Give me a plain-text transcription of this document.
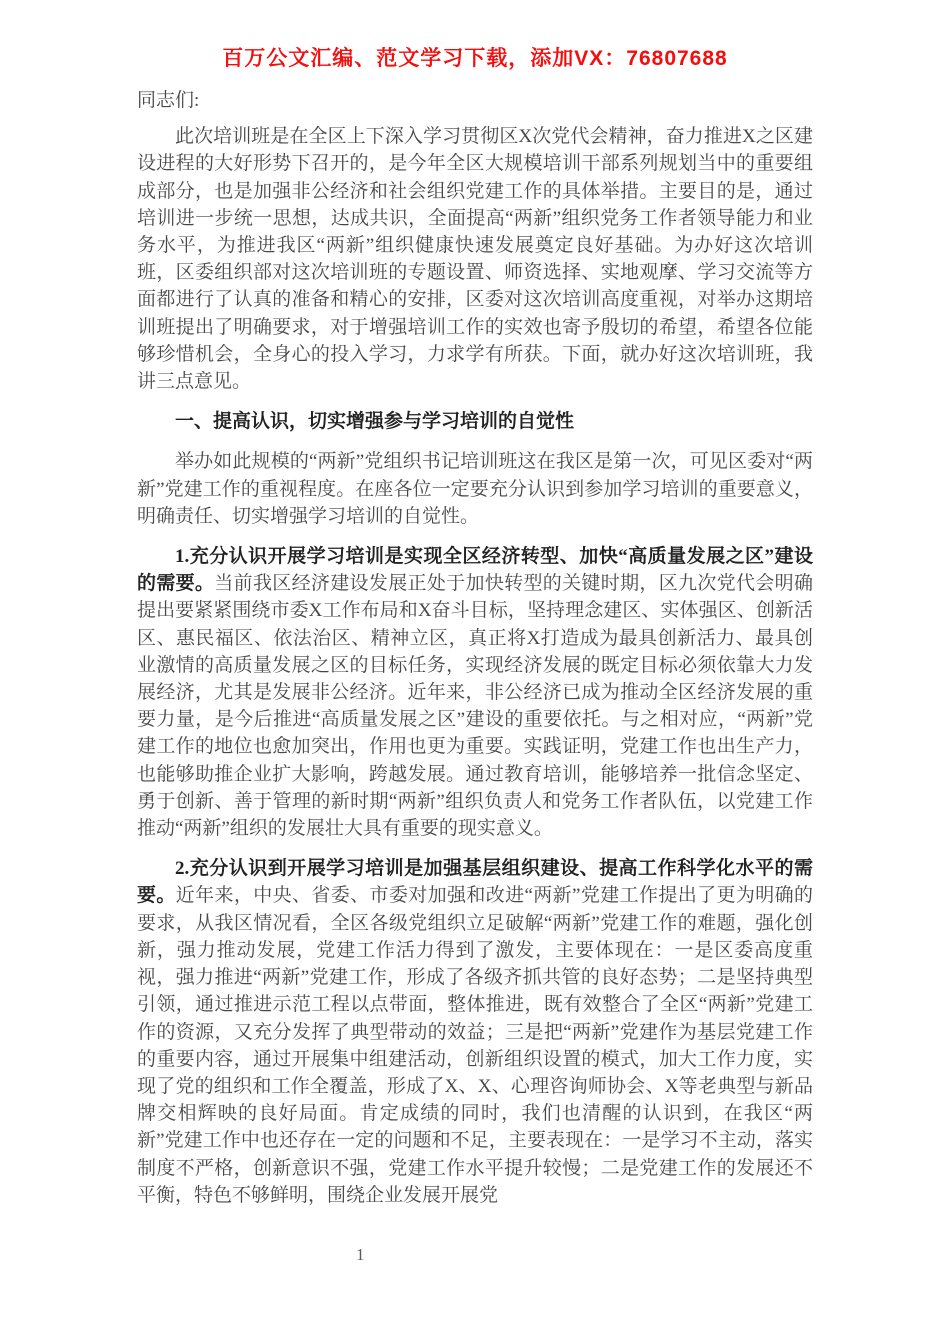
百万公文汇编、范文学习下载，添加VX：76807688

同志们:

此次培训班是在全区上下深入学习贯彻区X次党代会精神，奋力推进X之区建设进程的大好形势下召开的，是今年全区大规模培训干部系列规划当中的重要组成部分，也是加强非公经济和社会组织党建工作的具体举措。主要目的是，通过培训进一步统一思想，达成共识，全面提高“两新”组织党务工作者领导能力和业务水平，为推进我区“两新”组织健康快速发展奠定良好基础。为办好这次培训班，区委组织部对这次培训班的专题设置、师资选择、实地观摩、学习交流等方面都进行了认真的准备和精心的安排，区委对这次培训高度重视，对举办这期培训班提出了明确要求，对于增强培训工作的实效也寄予殷切的希望，希望各位能够珍惜机会，全身心的投入学习，力求学有所获。下面，就办好这次培训班，我讲三点意见。

一、提高认识，切实增强参与学习培训的自觉性

举办如此规模的“两新”党组织书记培训班这在我区是第一次，可见区委对“两新”党建工作的重视程度。在座各位一定要充分认识到参加学习培训的重要意义，明确责任、切实增强学习培训的自觉性。

1.充分认识开展学习培训是实现全区经济转型、加快“高质量发展之区”建设的需要。当前我区经济建设发展正处于加快转型的关键时期，区九次党代会明确提出要紧紧围绕市委X工作布局和X奋斗目标，坚持理念建区、实体强区、创新活区、惠民福区、依法治区、精神立区，真正将X打造成为最具创新活力、最具创业激情的高质量发展之区的目标任务，实现经济发展的既定目标必须依靠大力发展经济，尤其是发展非公经济。近年来，非公经济已成为推动全区经济发展的重要力量，是今后推进“高质量发展之区”建设的重要依托。与之相对应，“两新”党建工作的地位也愈加突出，作用也更为重要。实践证明，党建工作也出生产力，也能够助推企业扩大影响，跨越发展。通过教育培训，能够培养一批信念坚定、勇于创新、善于管理的新时期“两新”组织负责人和党务工作者队伍，以党建工作推动“两新”组织的发展壮大具有重要的现实意义。

2.充分认识到开展学习培训是加强基层组织建设、提高工作科学化水平的需要。近年来，中央、省委、市委对加强和改进“两新”党建工作提出了更为明确的要求，从我区情况看，全区各级党组织立足破解“两新”党建工作的难题，强化创新，强力推动发展，党建工作活力得到了激发，主要体现在：一是区委高度重视，强力推进“两新”党建工作，形成了各级齐抓共管的良好态势；二是坚持典型引领，通过推进示范工程以点带面，整体推进，既有效整合了全区“两新”党建工作的资源，又充分发挥了典型带动的效益；三是把“两新”党建作为基层党建工作的重要内容，通过开展集中组建活动，创新组织设置的模式，加大工作力度，实现了党的组织和工作全覆盖，形成了X、X、心理咨询师协会、X等老典型与新品牌交相辉映的良好局面。肯定成绩的同时，我们也清醒的认识到，在我区“两新”党建工作中也还存在一定的问题和不足，主要表现在：一是学习不主动，落实制度不严格，创新意识不强，党建工作水平提升较慢；二是党建工作的发展还不平衡，特色不够鲜明，围绕企业发展开展党

1
